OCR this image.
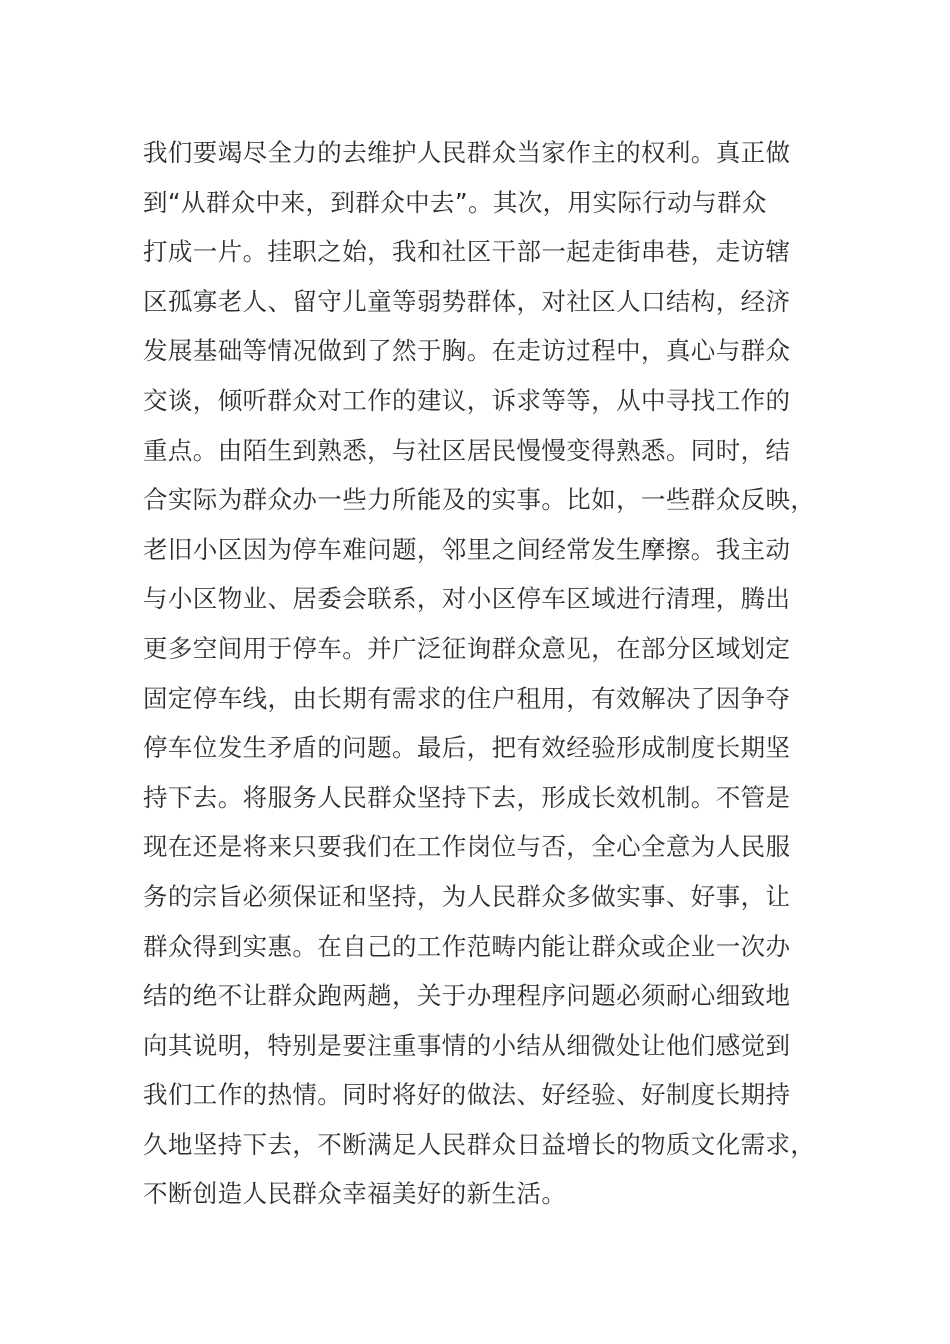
我们要竭尽全力的去维护人民群众当家作主的权利。真正做
到“从群众中来，到群众中去”。其次，用实际行动与群众
打成一片。挂职之始，我和社区干部一起走街串巷，走访辖
区孤寡老人、留守儿童等弱势群体，对社区人口结构，经济
发展基础等情况做到了然于胸。在走访过程中，真心与群众
交谈，倾听群众对工作的建议，诉求等等，从中寻找工作的
重点。由陌生到熟悉，与社区居民慢慢变得熟悉。同时，结
合实际为群众办一些力所能及的实事。比如，一些群众反映，
老旧小区因为停车难问题，邻里之间经常发生摩擦。我主动
与小区物业、居委会联系，对小区停车区域进行清理，腾出
更多空间用于停车。并广泛征询群众意见，在部分区域划定
固定停车线，由长期有需求的住户租用，有效解决了因争夺
停车位发生矛盾的问题。最后，把有效经验形成制度长期坚
持下去。将服务人民群众坚持下去，形成长效机制。不管是
现在还是将来只要我们在工作岗位与否，全心全意为人民服
务的宗旨必须保证和坚持，为人民群众多做实事、好事，让
群众得到实惠。在自己的工作范畴内能让群众或企业一次办
结的绝不让群众跑两趟，关于办理程序问题必须耐心细致地
向其说明，特别是要注重事情的小结从细微处让他们感觉到
我们工作的热情。同时将好的做法、好经验、好制度长期持
久地坚持下去，不断满足人民群众日益增长的物质文化需求，
不断创造人民群众幸福美好的新生活。
